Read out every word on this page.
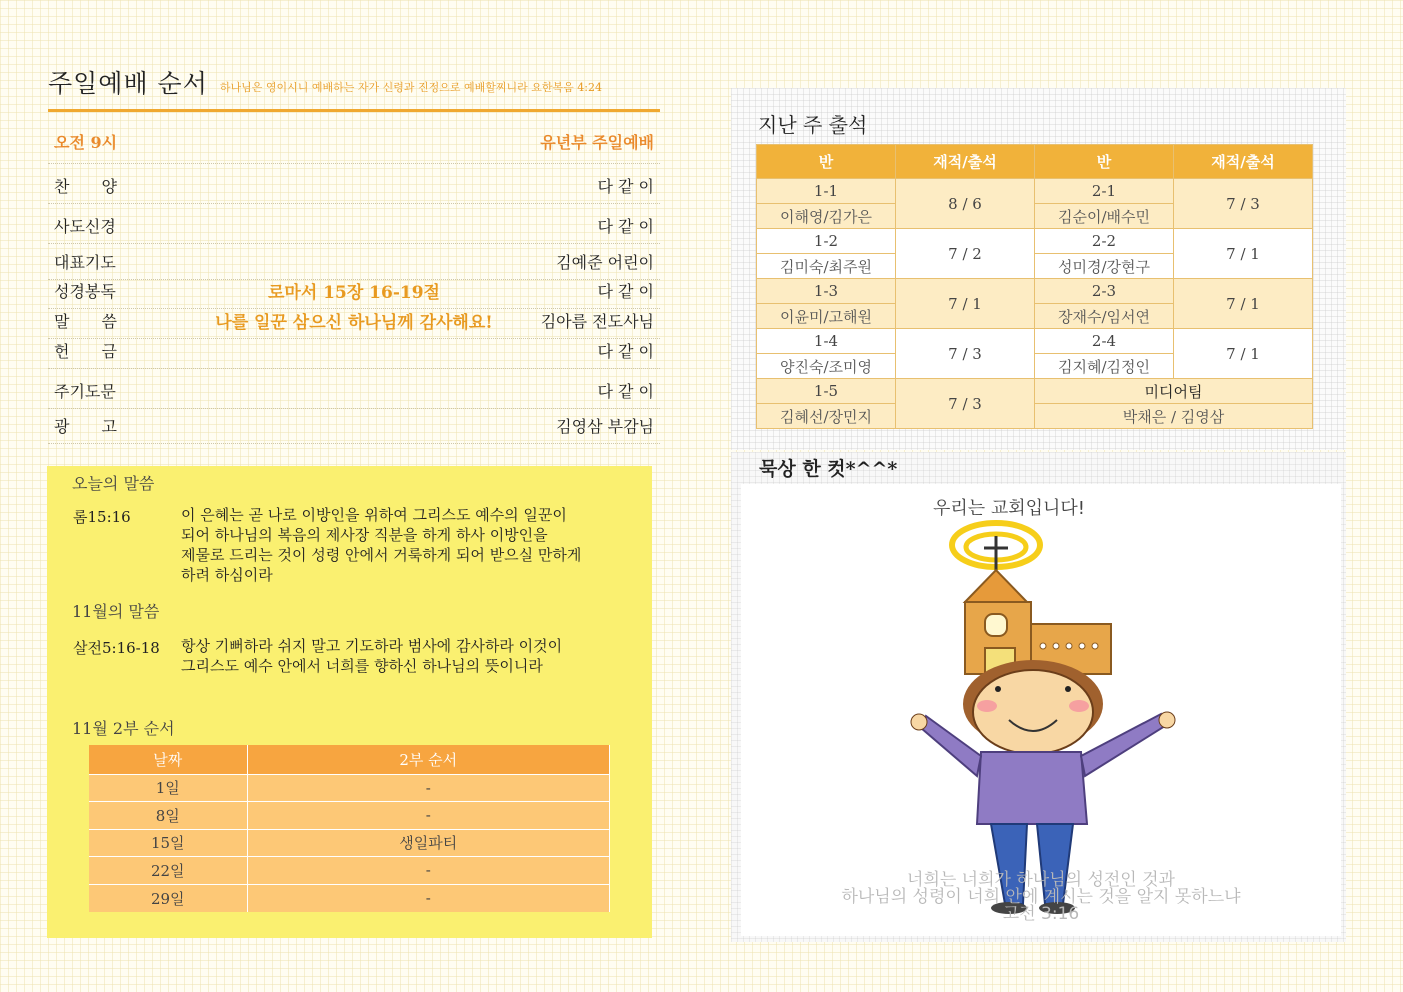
주일예배 순서 하나님은 영이시니 예배하는 자가 신령과 진정으로 예배할찌니라 요한복음 4:24
오전 9시	유년부 주일예배
찬　　양	다 같 이
사도신경	다 같 이
대표기도	김예준 어린이
성경봉독	로마서 15장 16-19절	다 같 이
말　　씀	나를 일꾼 삼으신 하나님께 감사해요!	김아름 전도사님
헌　　금	다 같 이
주기도문	다 같 이
광　　고	김영삼 부감님
오늘의 말씀
롬15:16	이 은혜는 곧 나로 이방인을 위하여 그리스도 예수의 일꾼이
되어 하나님의 복음의 제사장 직분을 하게 하사 이방인을
제물로 드리는 것이 성령 안에서 거룩하게 되어 받으실 만하게
하려 하심이라
11월의 말씀
살전5:16-18 항상 기뻐하라 쉬지 말고 기도하라 범사에 감사하라 이것이
그리스도 예수 안에서 너희를 향하신 하나님의 뜻이니라
11월 2부 순서
날짜	2부 순서
1일	-
8일	-
15일	생일파티
22일	-
29일	-
지난 주 출석
반	재적/출석	반	재적/출석
1-1	8 / 6	2-1	7 / 3
이해영/김가은		김순이/배수민	
1-2	7 / 2	2-2	7 / 1
김미숙/최주원		성미경/강현구	
1-3	7 / 1	2-3	7 / 1
이윤미/고해원		장재수/임서연	
1-4	7 / 3	2-4	7 / 1
양진숙/조미영		김지혜/김정인	
1-5	7 / 3	미디어팀	
김혜선/장민지		박채은 / 김영삼	
묵상 한 컷*^^*
우리는 교회입니다!
너희는 너희가 하나님의 성전인 것과
하나님의 성령이 너희 안에 계시는 것을 알지 못하느냐
고전 3:16
